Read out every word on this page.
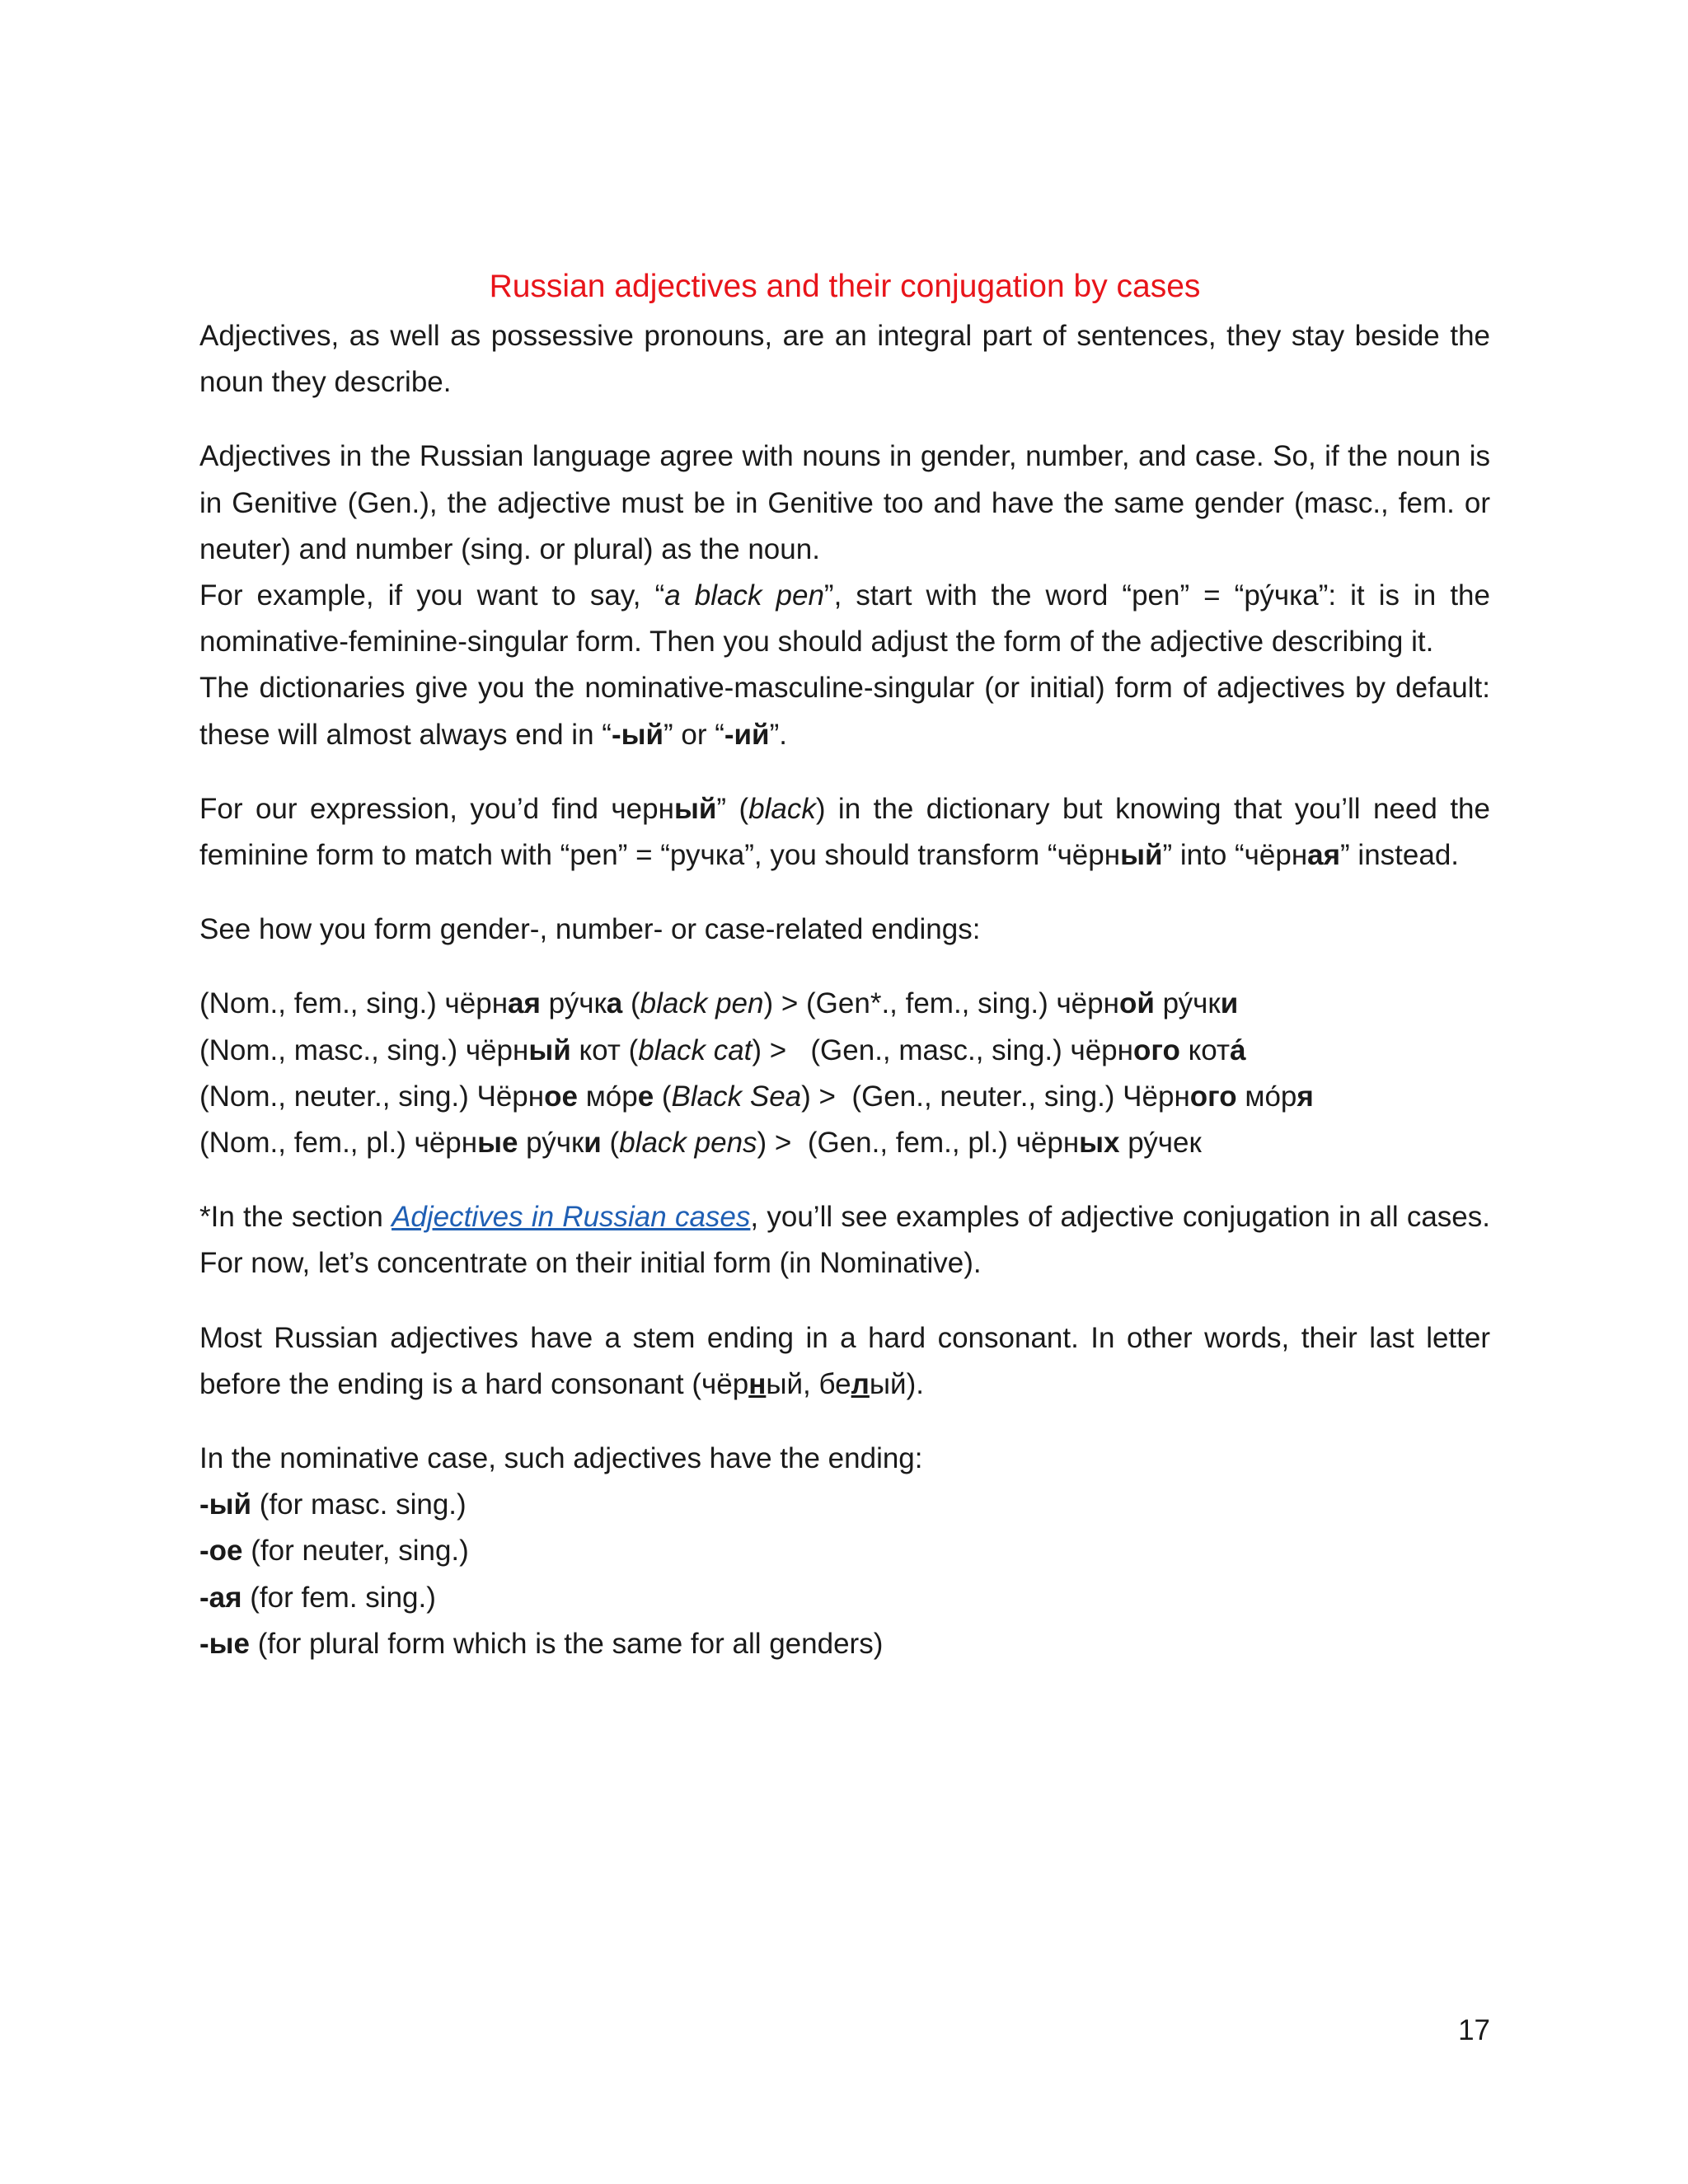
Russian adjectives and their conjugation by cases

Adjectives, as well as possessive pronouns, are an integral part of sentences, they stay beside the noun they describe.

Adjectives in the Russian language agree with nouns in gender, number, and case. So, if the noun is in Genitive (Gen.), the adjective must be in Genitive too and have the same gender (masc., fem. or neuter) and number (sing. or plural) as the noun.

For example, if you want to say, “a black pen”, start with the word “pen” = “ру́чка”: it is in the nominative-feminine-singular form. Then you should adjust the form of the adjective describing it.

The dictionaries give you the nominative-masculine-singular (or initial) form of adjectives by default: these will almost always end in “-ый” or “-ий”.

For our expression, you’d find черный” (black) in the dictionary but knowing that you’ll need the feminine form to match with “pen” = “ручка”, you should transform “чёрный” into “чёрная” instead.

See how you form gender-, number- or case-related endings:

(Nom., fem., sing.) чёрная ру́чка (black pen) > (Gen*., fem., sing.) чёрной ру́чки

(Nom., masc., sing.) чёрный кот (black cat) >   (Gen., masc., sing.) чёрного кота́

(Nom., neuter., sing.) Чёрное мо́ре (Black Sea) >  (Gen., neuter., sing.) Чёрного мо́ря

(Nom., fem., pl.) чёрные ру́чки (black pens) >  (Gen., fem., pl.) чёрных ру́чек

*In the section Adjectives in Russian cases, you’ll see examples of adjective conjugation in all cases. For now, let’s concentrate on their initial form (in Nominative).

Most Russian adjectives have a stem ending in a hard consonant. In other words, their last letter before the ending is a hard consonant (чёрный, белый).

In the nominative case, such adjectives have the ending:

-ый (for masc. sing.)

-ое (for neuter, sing.)

-ая (for fem. sing.)

-ые (for plural form which is the same for all genders)

17
